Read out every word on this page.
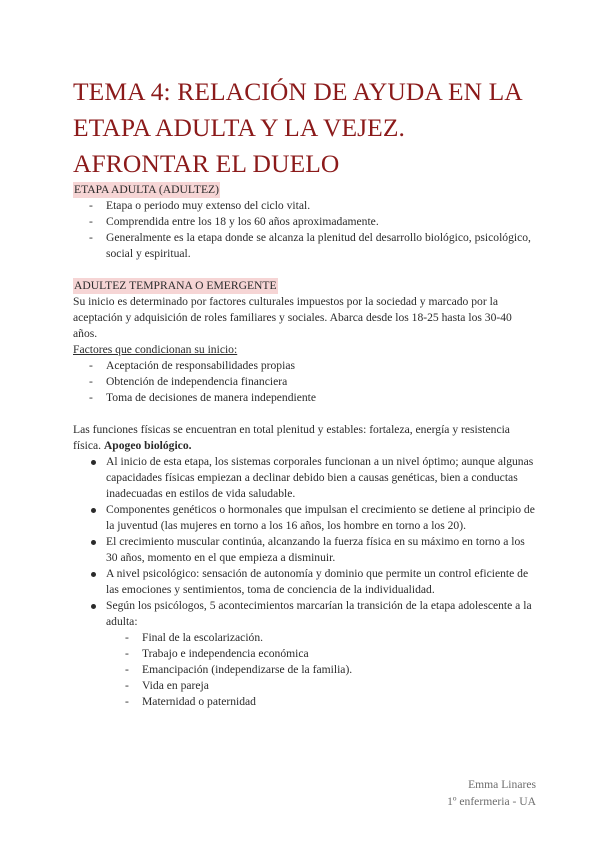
TEMA 4: RELACIÓN DE AYUDA EN LA ETAPA ADULTA Y LA VEJEZ. AFRONTAR EL DUELO

ETAPA ADULTA (ADULTEZ)

- Etapa o periodo muy extenso del ciclo vital.
- Comprendida entre los 18 y los 60 años aproximadamente.
- Generalmente es la etapa donde se alcanza la plenitud del desarrollo biológico, psicológico, social y espiritual.

ADULTEZ TEMPRANA O EMERGENTE

Su inicio es determinado por factores culturales impuestos por la sociedad y marcado por la aceptación y adquisición de roles familiares y sociales. Abarca desde los 18-25 hasta los 30-40 años.

Factores que condicionan su inicio:

- Aceptación de responsabilidades propias
- Obtención de independencia financiera
- Toma de decisiones de manera independiente

Las funciones físicas se encuentran en total plenitud y estables: fortaleza, energía y resistencia física. Apogeo biológico.

Al inicio de esta etapa, los sistemas corporales funcionan a un nivel óptimo; aunque algunas capacidades físicas empiezan a declinar debido bien a causas genéticas, bien a conductas inadecuadas en estilos de vida saludable.
Componentes genéticos o hormonales que impulsan el crecimiento se detiene al principio de la juventud (las mujeres en torno a los 16 años, los hombre en torno a los 20).
El crecimiento muscular continúa, alcanzando la fuerza física en su máximo en torno a los 30 años, momento en el que empieza a disminuir.
A nivel psicológico: sensación de autonomía y dominio que permite un control eficiente de las emociones y sentimientos, toma de conciencia de la individualidad.
Según los psicólogos, 5 acontecimientos marcarían la transición de la etapa adolescente a la adulta:
- Final de la escolarización.
- Trabajo e independencia económica
- Emancipación (independizarse de la familia).
- Vida en pareja
- Maternidad o paternidad
Emma Linares
1º enfermeria - UA
